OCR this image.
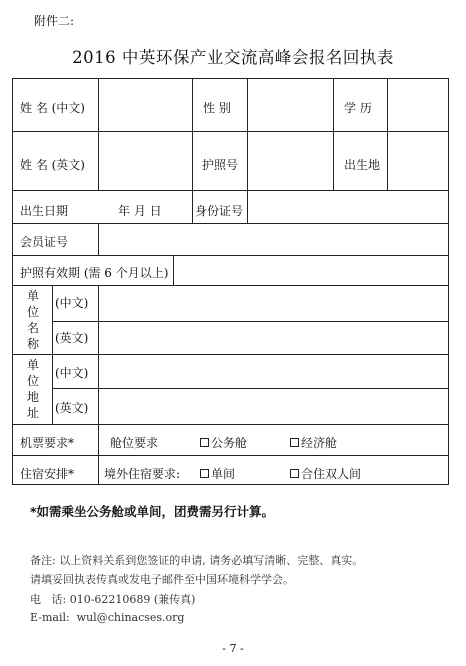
附件二:
2016 中英环保产业交流高峰会报名回执表
姓 名 (中文)	性 别	学 历
姓 名 (英文)	护照号	出生地
出生日期	年 月 日	身份证号
会员证号
护照有效期 (需 6 个月以上)
单位名称
(中文)
(英文)
单位地址
(中文)
(英文)
机票要求*	舱位要求	公务舱	经济舱
住宿安排* 境外住宿要求:	单间	合住双人间
*如需乘坐公务舱或单间，团费需另行计算。
备注: 以上资料关系到您签证的申请, 请务必填写清晰、完整、真实。
请填妥回执表传真或发电子邮件至中国环境科学学会。
电   话: 010-62210689 (兼传真)
E-mail:  wul@chinacses.org
- 7 -
